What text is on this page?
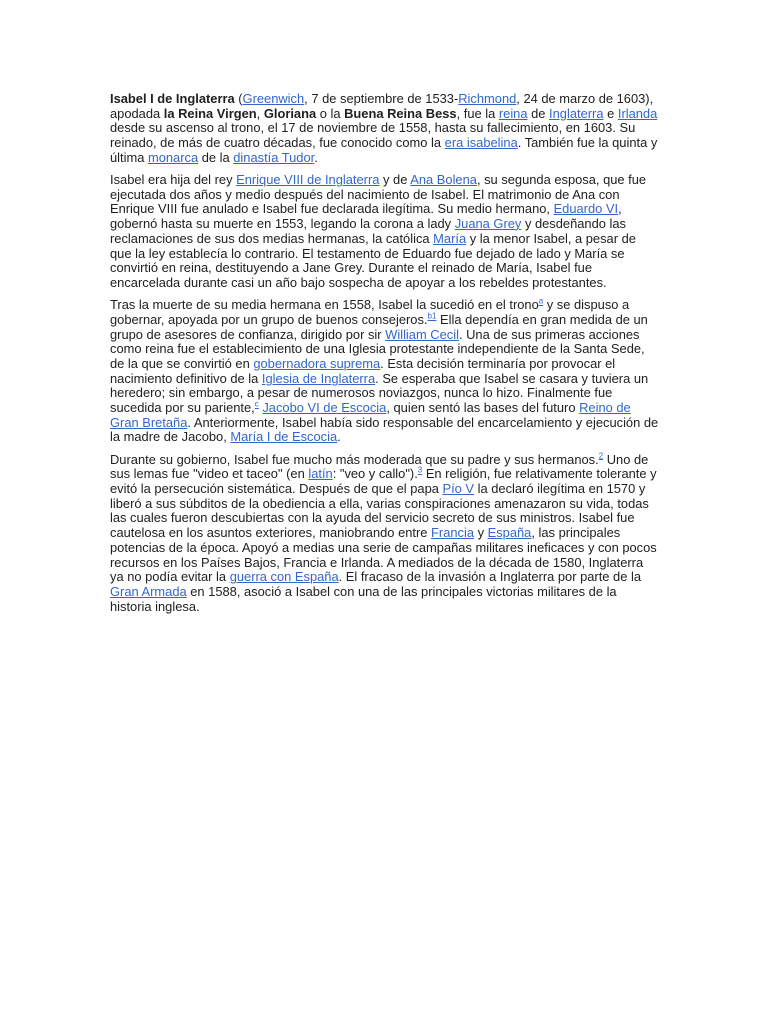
Isabel I de Inglaterra (Greenwich, 7 de septiembre de 1533-Richmond, 24 de marzo de 1603), apodada la Reina Virgen, Gloriana o la Buena Reina Bess, fue la reina de Inglaterra e Irlanda desde su ascenso al trono, el 17 de noviembre de 1558, hasta su fallecimiento, en 1603. Su reinado, de más de cuatro décadas, fue conocido como la era isabelina. También fue la quinta y última monarca de la dinastía Tudor.

Isabel era hija del rey Enrique VIII de Inglaterra y de Ana Bolena, su segunda esposa, que fue ejecutada dos años y medio después del nacimiento de Isabel. El matrimonio de Ana con Enrique VIII fue anulado e Isabel fue declarada ilegítima. Su medio hermano, Eduardo VI, gobernó hasta su muerte en 1553, legando la corona a lady Juana Grey y desdeñando las reclamaciones de sus dos medias hermanas, la católica María y la menor Isabel, a pesar de que la ley establecía lo contrario. El testamento de Eduardo fue dejado de lado y María se convirtió en reina, destituyendo a Jane Grey. Durante el reinado de María, Isabel fue encarcelada durante casi un año bajo sospecha de apoyar a los rebeldes protestantes.

Tras la muerte de su media hermana en 1558, Isabel la sucedió en el trono$^a$ y se dispuso a gobernar, apoyada por un grupo de buenos consejeros.$^{b1}$ Ella dependía en gran medida de un grupo de asesores de confianza, dirigido por sir William Cecil. Una de sus primeras acciones como reina fue el establecimiento de una Iglesia protestante independiente de la Santa Sede, de la que se convirtió en gobernadora suprema. Esta decisión terminaría por provocar el nacimiento definitivo de la Iglesia de Inglaterra. Se esperaba que Isabel se casara y tuviera un heredero; sin embargo, a pesar de numerosos noviazgos, nunca lo hizo. Finalmente fue sucedida por su pariente,$^c$ Jacobo VI de Escocia, quien sentó las bases del futuro Reino de Gran Bretaña. Anteriormente, Isabel había sido responsable del encarcelamiento y ejecución de la madre de Jacobo, María I de Escocia.

Durante su gobierno, Isabel fue mucho más moderada que su padre y sus hermanos.$^2$ Uno de sus lemas fue "video et taceo" (en latín: "veo y callo").$^3$ En religión, fue relativamente tolerante y evitó la persecución sistemática. Después de que el papa Pío V la declaró ilegítima en 1570 y liberó a sus súbditos de la obediencia a ella, varias conspiraciones amenazaron su vida, todas las cuales fueron descubiertas con la ayuda del servicio secreto de sus ministros. Isabel fue cautelosa en los asuntos exteriores, maniobrando entre Francia y España, las principales potencias de la época. Apoyó a medias una serie de campañas militares ineficaces y con pocos recursos en los Países Bajos, Francia e Irlanda. A mediados de la década de 1580, Inglaterra ya no podía evitar la guerra con España. El fracaso de la invasión a Inglaterra por parte de la Gran Armada en 1588, asoció a Isabel con una de las principales victorias militares de la historia inglesa.
